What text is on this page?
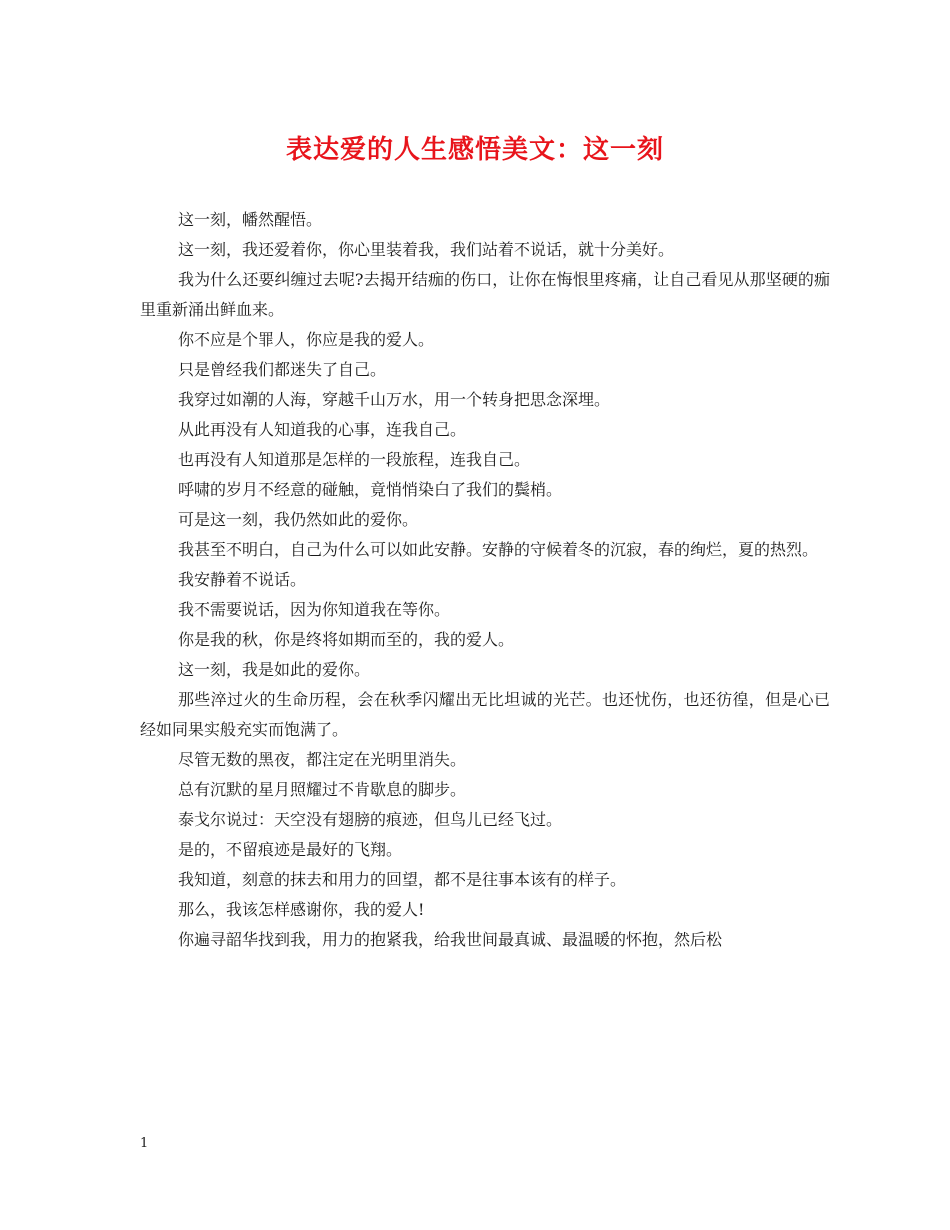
表达爱的人生感悟美文：这一刻

这一刻，幡然醒悟。

这一刻，我还爱着你，你心里装着我，我们站着不说话，就十分美好。

我为什么还要纠缠过去呢?去揭开结痂的伤口，让你在悔恨里疼痛，让自己看见从那坚硬的痂里重新涌出鲜血来。

你不应是个罪人，你应是我的爱人。

只是曾经我们都迷失了自己。

我穿过如潮的人海，穿越千山万水，用一个转身把思念深埋。

从此再没有人知道我的心事，连我自己。

也再没有人知道那是怎样的一段旅程，连我自己。

呼啸的岁月不经意的碰触，竟悄悄染白了我们的鬓梢。

可是这一刻，我仍然如此的爱你。

我甚至不明白，自己为什么可以如此安静。安静的守候着冬的沉寂，春的绚烂，夏的热烈。

我安静着不说话。

我不需要说话，因为你知道我在等你。

你是我的秋，你是终将如期而至的，我的爱人。

这一刻，我是如此的爱你。

那些淬过火的生命历程，会在秋季闪耀出无比坦诚的光芒。也还忧伤，也还彷徨，但是心已经如同果实般充实而饱满了。

尽管无数的黑夜，都注定在光明里消失。

总有沉默的星月照耀过不肯歇息的脚步。

泰戈尔说过：天空没有翅膀的痕迹，但鸟儿已经飞过。

是的，不留痕迹是最好的飞翔。

我知道，刻意的抹去和用力的回望，都不是往事本该有的样子。

那么，我该怎样感谢你，我的爱人!

你遍寻韶华找到我，用力的抱紧我，给我世间最真诚、最温暖的怀抱，然后松

1
